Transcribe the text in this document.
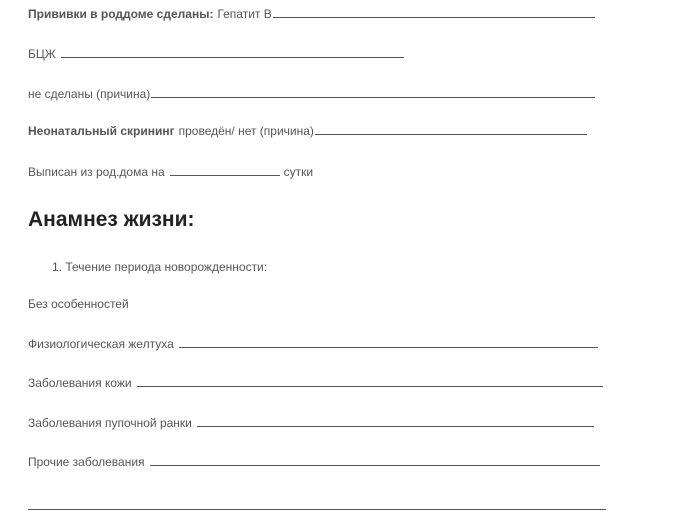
Прививки в роддоме сделаны: Гепатит В
БЦЖ
не сделаны (причина)
Неонатальный скрининг проведён/ нет (причина)
Выписан из род.дома на	сутки
Анамнез жизни:
1. Течение периода новорожденности:
Без особенностей
Физиологическая желтуха
Заболевания кожи
Заболевания пупочной ранки
Прочие заболевания
